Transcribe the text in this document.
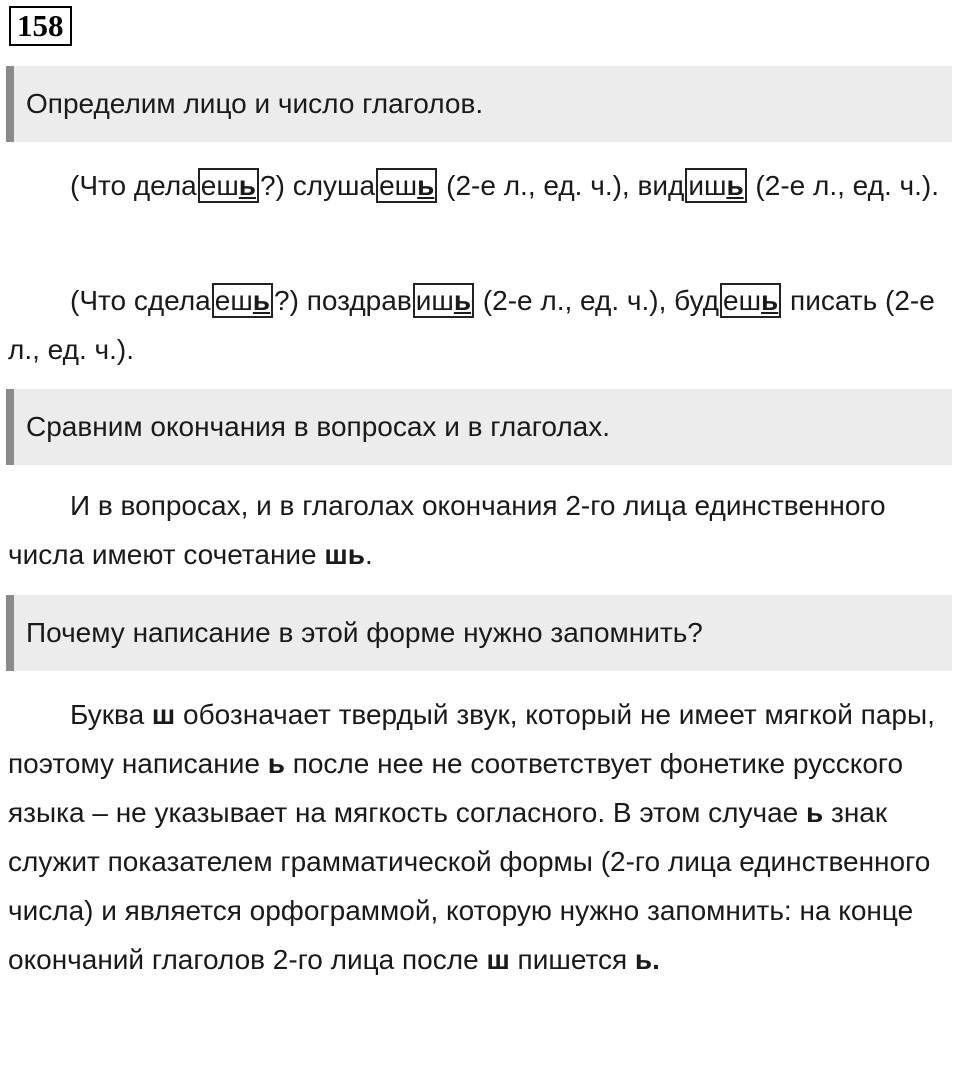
158
Определим лицо и число глаголов.

(Что дела ешь ?) слуша ешь (2-е л., ед. ч.), вид ишь (2-е л., ед. ч.).

(Что сдела ешь ?) поздрав ишь (2-е л., ед. ч.), буд ешь писать (2-е л., ед. ч.).

Сравним окончания в вопросах и в глаголах.

И в вопросах, и в глаголах окончания 2-го лица единственного числа имеют сочетание шь.

Почему написание в этой форме нужно запомнить?

Буква ш обозначает твердый звук, который не имеет мягкой пары, поэтому написание ь после нее не соответствует фонетике русского языка – не указывает на мягкость согласного. В этом случае ь знак служит показателем грамматической формы (2-го лица единственного числа) и является орфограммой, которую нужно запомнить: на конце окончаний глаголов 2-го лица после ш пишется ь.
